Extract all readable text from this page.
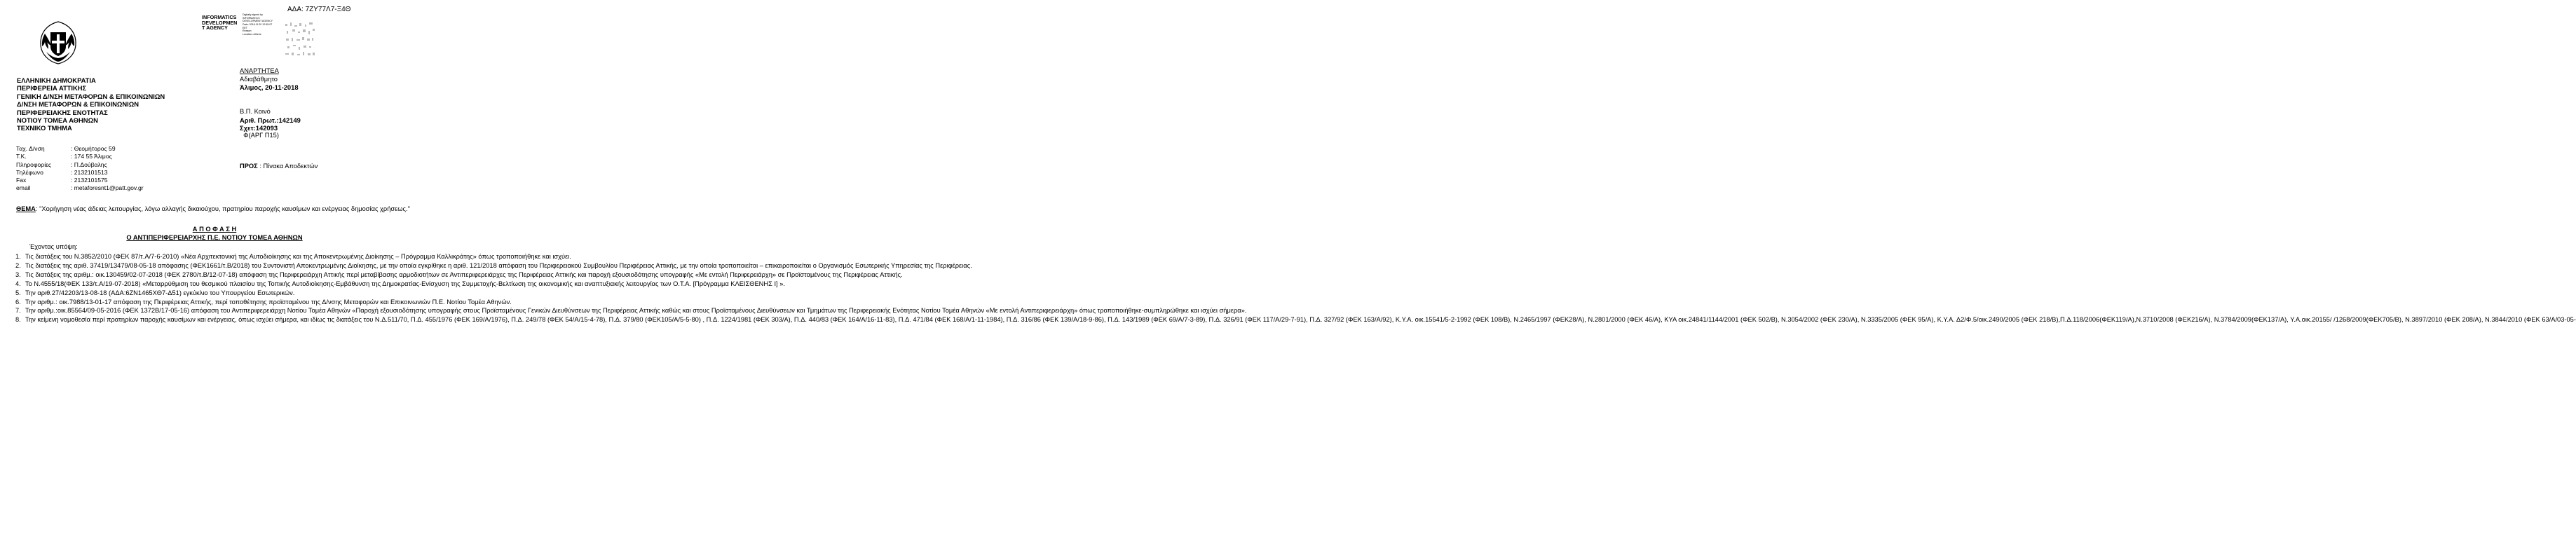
ΑΔΑ: 7ΖΥ77Λ7-Ξ4Θ
INFORMATICS
DEVELOPMEN
T AGENCY
Digitally signed by
INFORMATICS
DEVELOPMENT AGENCY
Date: 2018.11.20 12:55:07
EET
Reason:
Location: Athens
ΕΛΛΗΝΙΚΗ ΔΗΜΟΚΡΑΤΙΑ
ΠΕΡΙΦΕΡΕΙΑ ΑΤΤΙΚΗΣ
ΓΕΝΙΚΗ Δ/ΝΣΗ ΜΕΤΑΦΟΡΩΝ & ΕΠΙΚΟΙΝΩΝΙΩΝ
Δ/ΝΣΗ ΜΕΤΑΦΟΡΩΝ & ΕΠΙΚΟΙΝΩΝΙΩΝ
ΠΕΡΙΦΕΡΕΙΑΚΗΣ ΕΝΟΤΗΤΑΣ
ΝΟΤΙΟΥ ΤΟΜΕΑ ΑΘΗΝΩΝ
ΤΕΧΝΙΚΟ ΤΜΗΜΑ
ΑΝΑΡΤΗΤΕΑ
Αδιαβάθμητο
Άλιμος, 20-11-2018
Β.Π. Κοινό
Αριθ. Πρωτ.:142149
Σχετ:142093
Φ(ΑΡΓ Π15)
Ταχ. Δ/νση	: Θεομήτορος 59
T.K.	: 174 55 Άλιμος
Πληροφορίες	: Π.Δούβαλης
Τηλέφωνο	: 2132101513
Fax	: 2132101575
email	: metaforesnt1@patt.gov.gr
ΠΡΟΣ : Πίνακα Αποδεκτών
ΘΕΜΑ: "Χορήγηση νέας άδειας λειτουργίας, λόγω αλλαγής δικαιούχου, πρατηρίου παροχής καυσίμων και ενέργειας δημοσίας χρήσεως."
Α Π Ο Φ Α Σ Η
Ο ΑΝΤΙΠΕΡΙΦΕΡΕΙΑΡΧΗΣ Π.Ε. ΝΟΤΙΟΥ ΤΟΜΕΑ ΑΘΗΝΩΝ
Έχοντας υπόψη:
1. Τις διατάξεις του Ν.3852/2010 (ΦΕΚ 87/τ.Α/7-6-2010) «Νέα Αρχιτεκτονική της Αυτοδιοίκησης και της Αποκεντρωμένης Διοίκησης – Πρόγραμμα Καλλικράτης» όπως τροποποιήθηκε και ισχύει.
2. Τις διατάξεις της αριθ. 37419/13479/08-05-18 απόφασης (ΦΕΚ1661/τ.Β/2018) του Συντονιστή Αποκεντρωμένης Διοίκησης, με την οποία εγκρίθηκε η αριθ. 121/2018 απόφαση του Περιφερειακού Συμβουλίου Περιφέρειας Αττικής, με την οποία τροποποιείται – επικαιροποιείται ο Οργανισμός Εσωτερικής Υπηρεσίας της Περιφέρειας.
3. Τις διατάξεις της αριθμ.: οικ.130459/02-07-2018 (ΦΕΚ 2780/τ.Β/12-07-18) απόφαση της Περιφερειάρχη Αττικής περί μεταβίβασης αρμοδιοτήτων σε Αντιπεριφερειάρχες της Περιφέρειας Αττικής και παροχή εξουσιοδότησης υπογραφής «Με εντολή Περιφερειάρχη» σε Προϊσταμένους της Περιφέρειας Αττικής.
4. Το Ν.4555/18(ΦΕΚ 133/τ.Α/19-07-2018) «Μεταρρύθμιση του θεσμικού πλαισίου της Τοπικής Αυτοδιοίκησης-Εμβάθυνση της Δημοκρατίας-Ενίσχυση της Συμμετοχής-Βελτίωση της οικονομικής και αναπτυξιακής λειτουργίας των Ο.Τ.Α. [Πρόγραμμα ΚΛΕΙΣΘΕΝΗΣ Ι] ».
5. Την αριθ.27/42203/13-08-18 (ΑΔΑ:6ΖΝ1465ΧΘ7-Δ51) εγκύκλιο του Υπουργείου Εσωτερικών.
6. Την αριθμ.: οικ.7988/13-01-17 απόφαση της Περιφέρειας Αττικής, περί τοποθέτησης προϊσταμένου της Δ/νσης Μεταφορών και Επικοινωνιών Π.Ε. Νοτίου Τομέα Αθηνών.
7. Την αριθμ.:οικ.85564/09-05-2016 (ΦΕΚ 1372Β/17-05-16) απόφαση του Αντιπεριφερειάρχη Νοτίου Τομέα Αθηνών «Παροχή εξουσιοδότησης υπογραφής στους Προϊσταμένους Γενικών Διευθύνσεων της Περιφέρειας Αττικής καθώς και στους Προϊσταμένους Διευθύνσεων και Τμημάτων της Περιφερειακής Ενότητας Νοτίου Τομέα Αθηνών «Με εντολή Αντιπεριφερειάρχη» όπως τροποποιήθηκε-συμπληρώθηκε και ισχύει σήμερα».
8. Την κείμενη νομοθεσία περί πρατηρίων παροχής καυσίμων και ενέργειας, όπως ισχύει σήμερα, και ιδίως τις διατάξεις του Ν.Δ.511/70, Π.Δ. 455/1976 (ΦΕΚ 169/Α/1976), Π.Δ. 249/78 (ΦΕΚ 54/Α/15-4-78), Π.Δ. 379/80 (ΦΕΚ105/Α/5-5-80) , Π.Δ. 1224/1981 (ΦΕΚ 303/Α), Π.Δ. 440/83 (ΦΕΚ 164/Α/16-11-83), Π.Δ. 471/84 (ΦΕΚ 168/Α/1-11-1984), Π.Δ. 316/86 (ΦΕΚ 139/Α/18-9-86), Π.Δ. 143/1989 (ΦΕΚ 69/Α/7-3-89), Π.Δ. 326/91 (ΦΕΚ 117/Α/29-7-91), Π.Δ. 327/92 (ΦΕΚ 163/Α/92), Κ.Υ.Α. οικ.15541/5-2-1992 (ΦΕΚ 108/Β), Ν.2465/1997 (ΦΕΚ28/Α), Ν.2801/2000 (ΦΕΚ 46/Α), ΚΥΑ οικ.24841/1144/2001 (ΦΕΚ 502/Β), Ν.3054/2002 (ΦΕΚ 230/Α), Ν.3335/2005 (ΦΕΚ 95/Α), Κ.Υ.Α. Δ2/Φ.5/οικ.2490/2005 (ΦΕΚ 218/Β),Π.Δ.118/2006(ΦΕΚ119/Α),Ν.3710/2008 (ΦΕΚ216/Α), Ν.3784/2009(ΦΕΚ137/Α), Υ.Α.οικ.20155/ /1268/2009(ΦΕΚ705/Β), Ν.3897/2010 (ΦΕΚ 208/Α), Ν.3844/2010 (ΦΕΚ 63/Α/03-05-
